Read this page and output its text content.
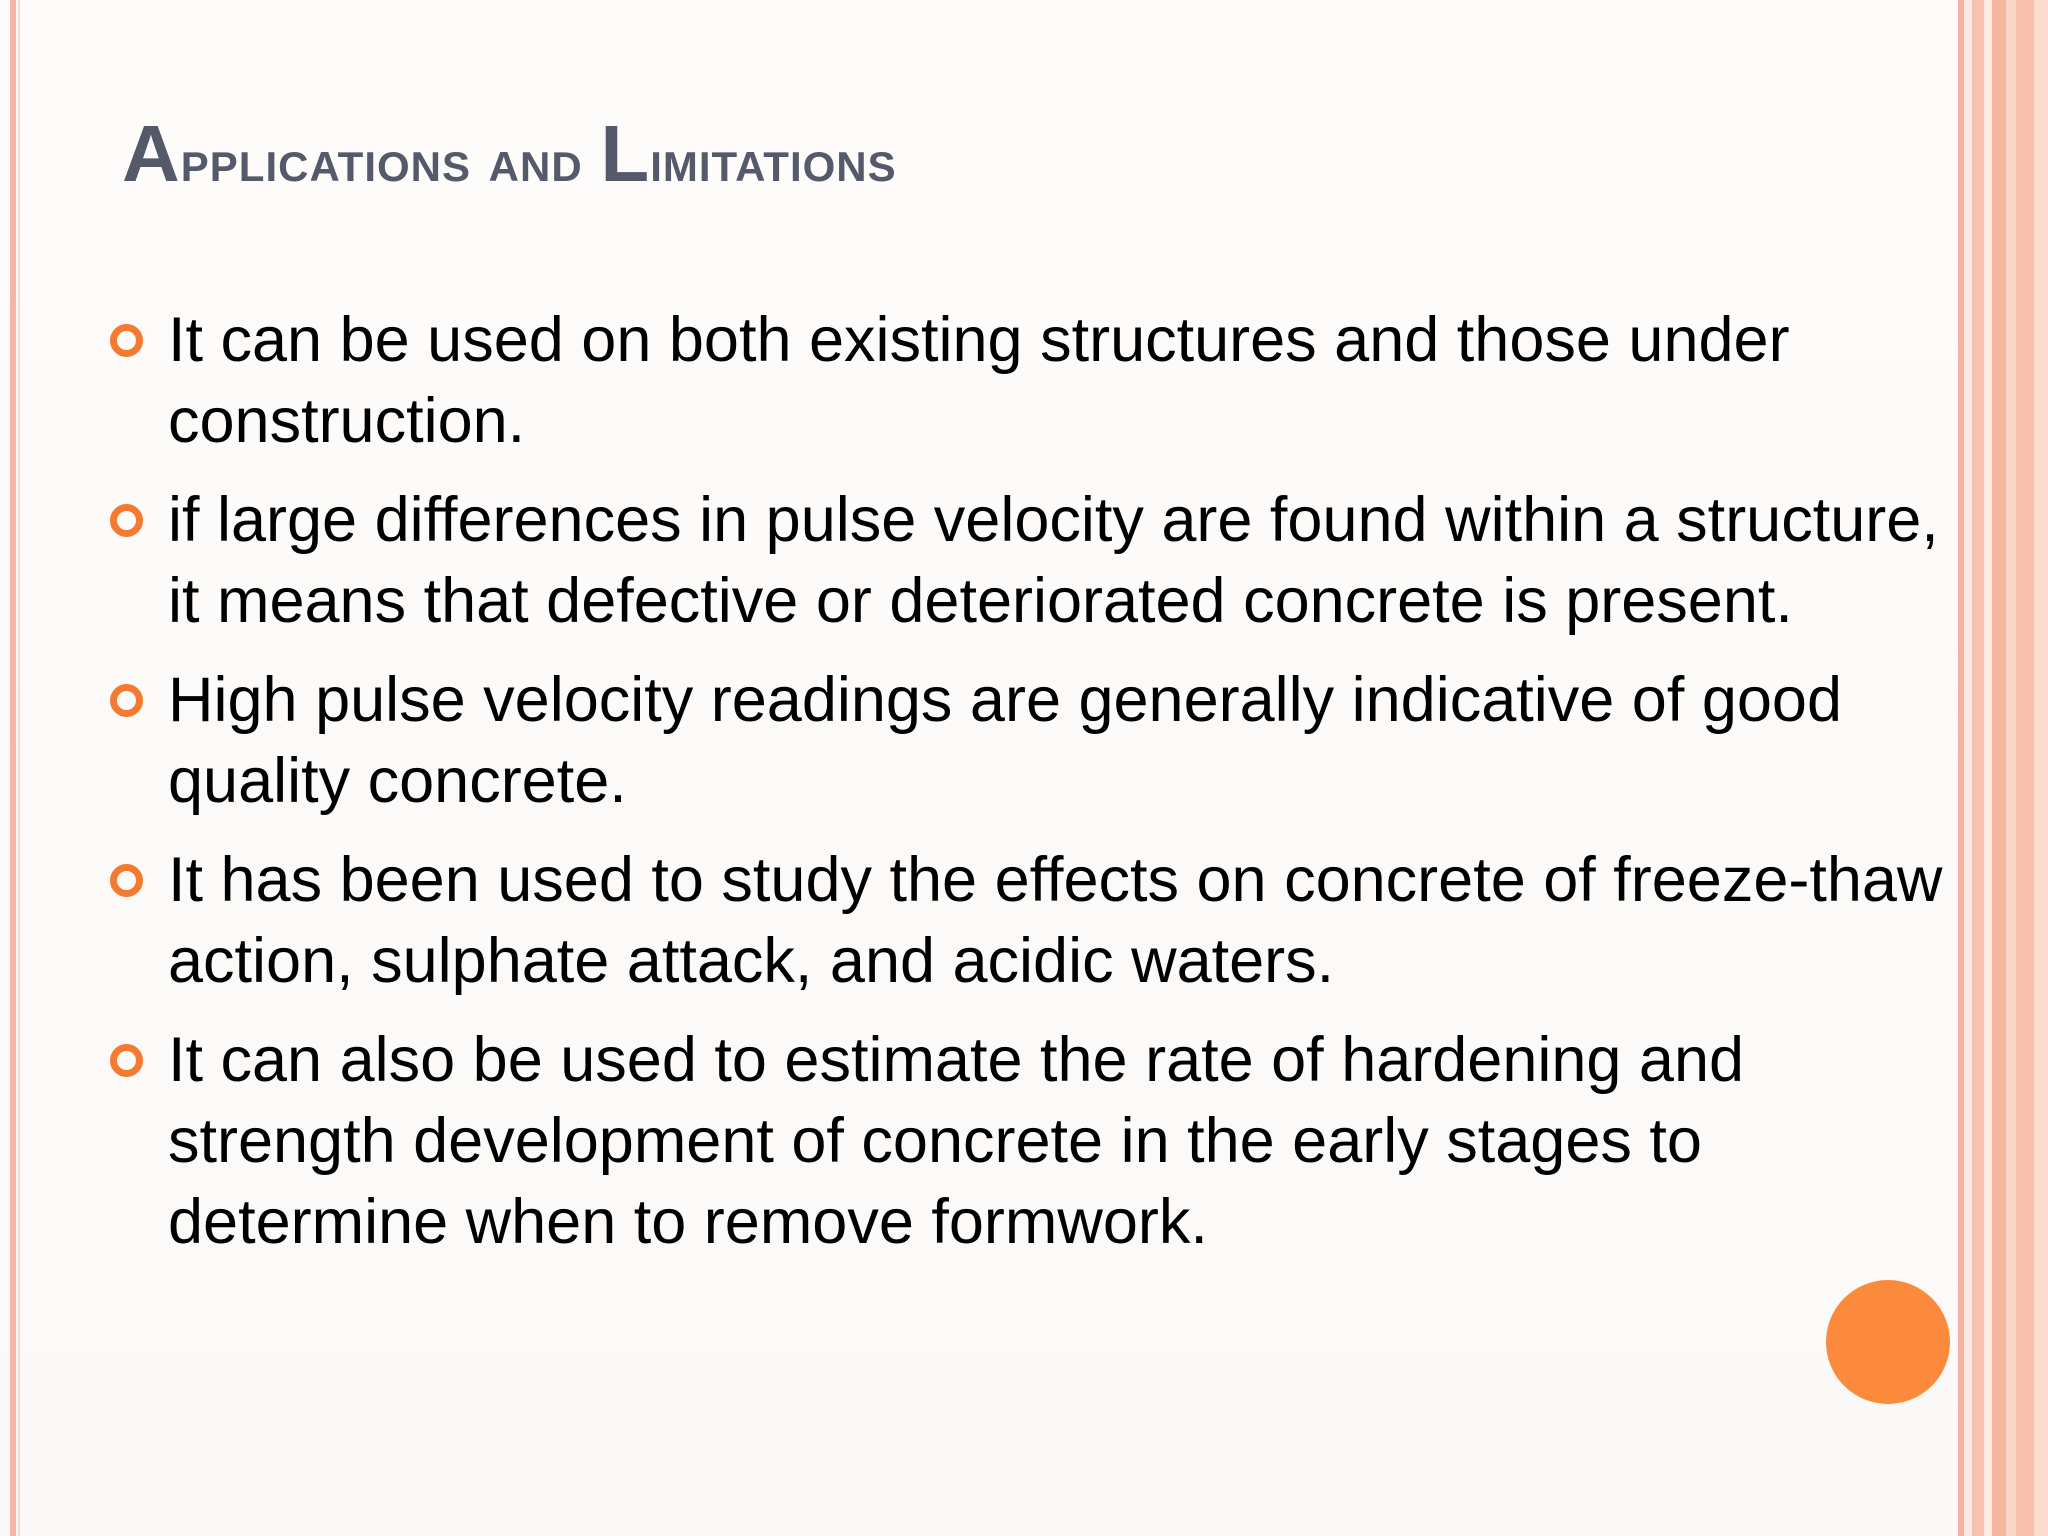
Applications and Limitations
It can be used on both existing structures and those under construction.
if large differences in pulse velocity are found within a structure, it means that defective or deteriorated concrete is present.
High pulse velocity readings are generally indicative of good quality concrete.
It has been used to study the effects on concrete of freeze-thaw action, sulphate attack, and acidic waters.
It can also be used to estimate the rate of hardening and strength development of concrete in the early stages to determine when to remove formwork.
